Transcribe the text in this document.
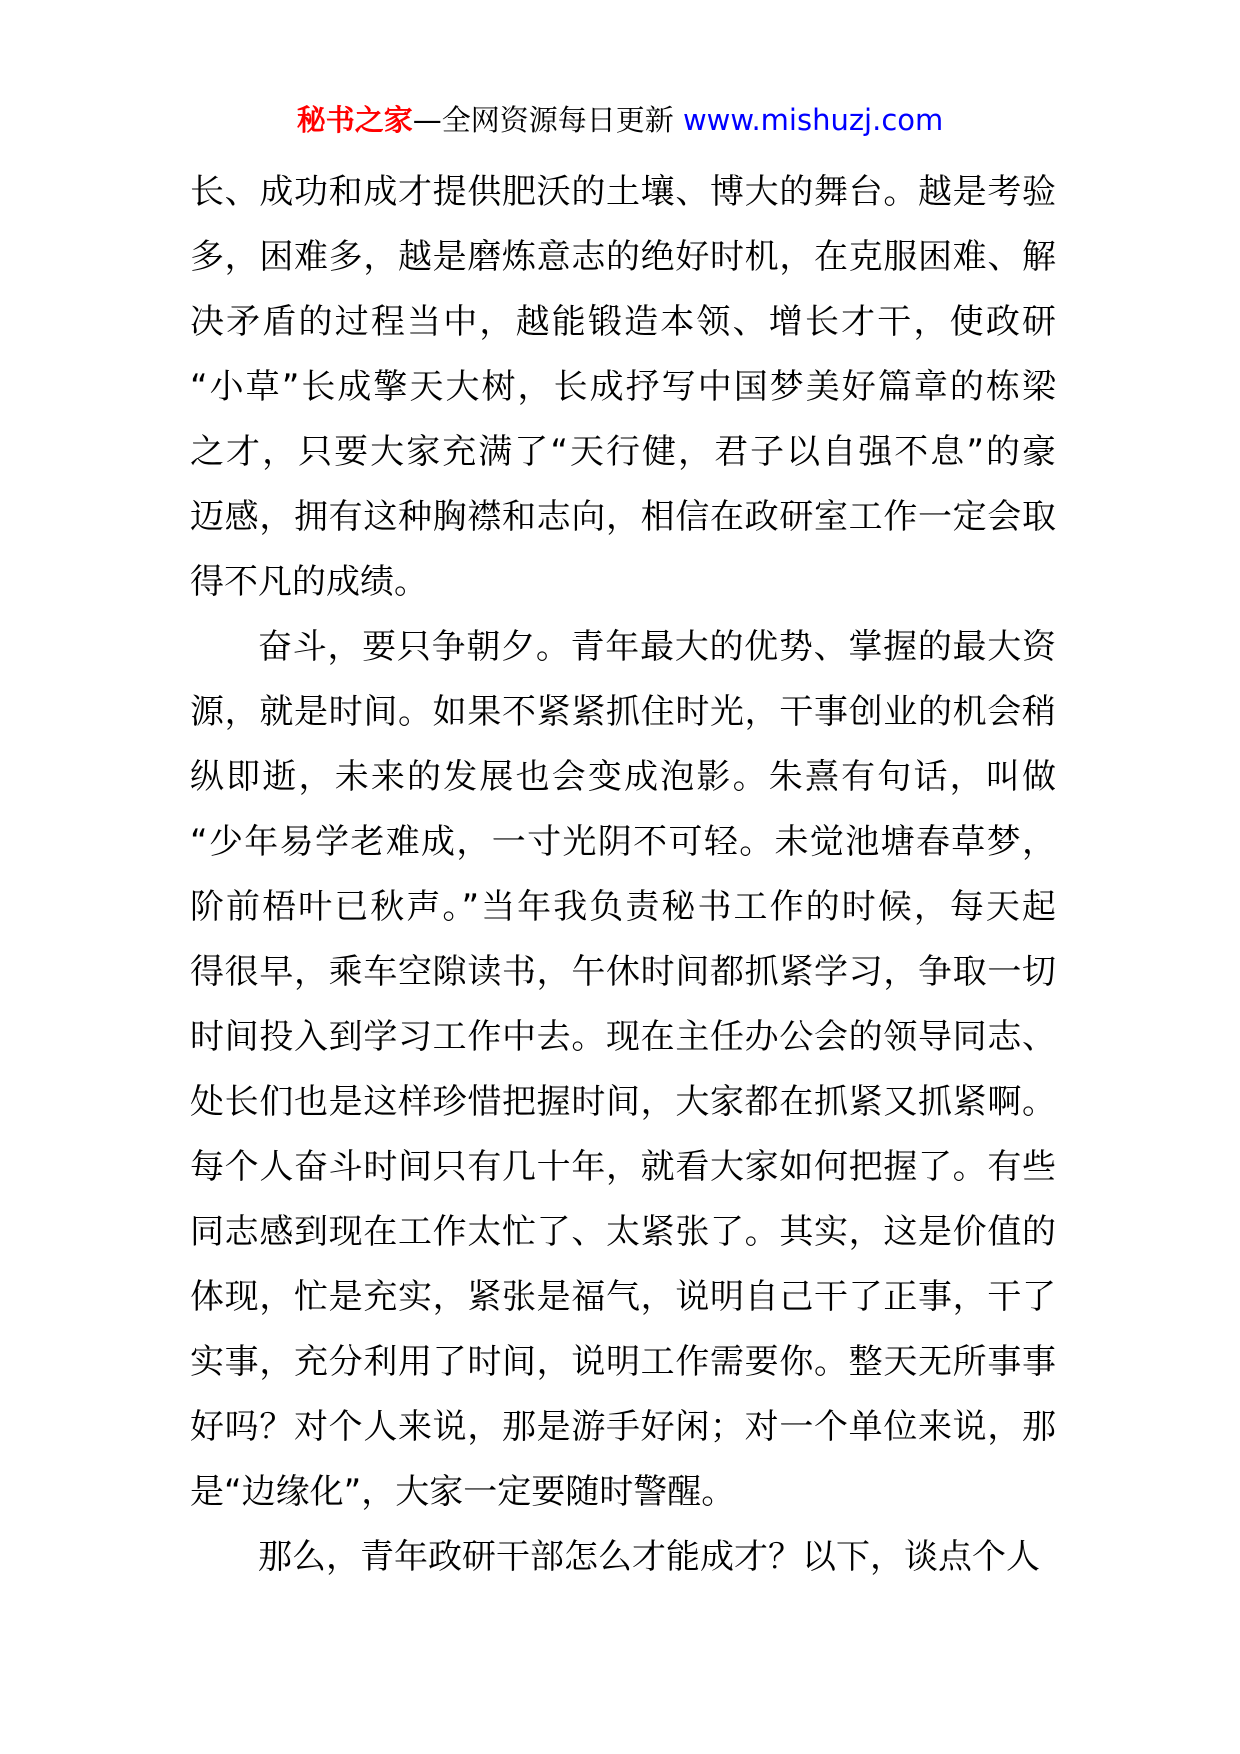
秘书之家—全网资源每日更新 www.mishuzj.com

长、成功和成才提供肥沃的土壤、博大的舞台。越是考验
多，困难多，越是磨炼意志的绝好时机，在克服困难、解
决矛盾的过程当中，越能锻造本领、增长才干，使政研
“小草”长成擎天大树，长成抒写中国梦美好篇章的栋梁
之才，只要大家充满了“天行健，君子以自强不息”的豪
迈感，拥有这种胸襟和志向，相信在政研室工作一定会取
得不凡的成绩。

奋斗，要只争朝夕。青年最大的优势、掌握的最大资
源，就是时间。如果不紧紧抓住时光，干事创业的机会稍
纵即逝，未来的发展也会变成泡影。朱熹有句话，叫做
“少年易学老难成，一寸光阴不可轻。未觉池塘春草梦，
阶前梧叶已秋声。”当年我负责秘书工作的时候，每天起
得很早，乘车空隙读书，午休时间都抓紧学习，争取一切
时间投入到学习工作中去。现在主任办公会的领导同志、
处长们也是这样珍惜把握时间，大家都在抓紧又抓紧啊。
每个人奋斗时间只有几十年，就看大家如何把握了。有些
同志感到现在工作太忙了、太紧张了。其实，这是价值的
体现，忙是充实，紧张是福气，说明自己干了正事，干了
实事，充分利用了时间，说明工作需要你。整天无所事事
好吗？对个人来说，那是游手好闲；对一个单位来说，那
是“边缘化”，大家一定要随时警醒。

那么，青年政研干部怎么才能成才？以下，谈点个人
